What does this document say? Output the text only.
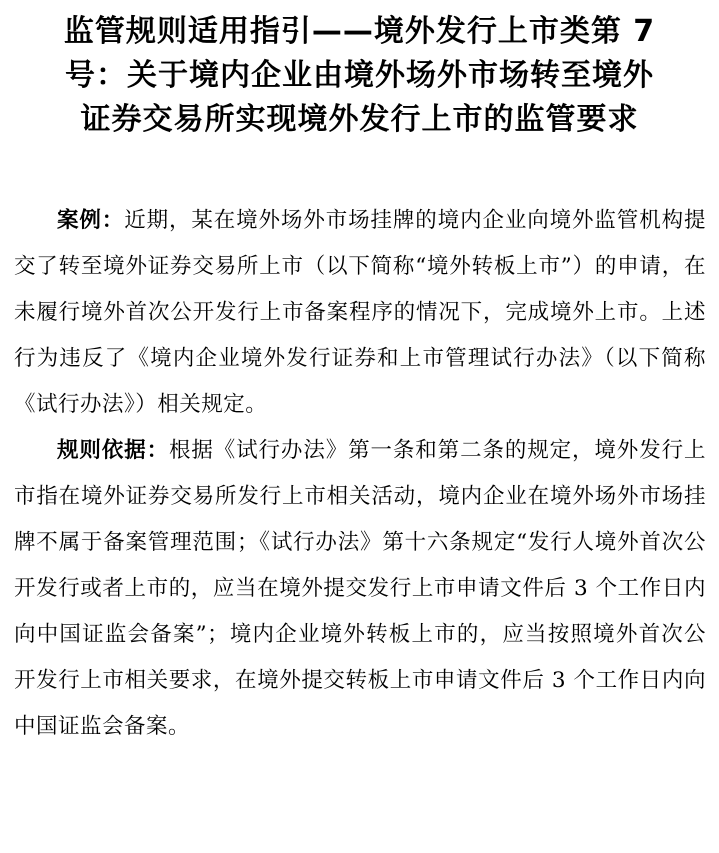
监管规则适用指引——境外发行上市类第 7
号：关于境内企业由境外场外市场转至境外
证券交易所实现境外发行上市的监管要求

案例：近期，某在境外场外市场挂牌的境内企业向境外监管机构提交了转至境外证券交易所上市（以下简称“境外转板上市”）的申请，在未履行境外首次公开发行上市备案程序的情况下，完成境外上市。上述行为违反了《境内企业境外发行证券和上市管理试行办法》（以下简称《试行办法》）相关规定。

规则依据：根据《试行办法》第一条和第二条的规定，境外发行上市指在境外证券交易所发行上市相关活动，境内企业在境外场外市场挂牌不属于备案管理范围；《试行办法》第十六条规定“发行人境外首次公开发行或者上市的，应当在境外提交发行上市申请文件后 3 个工作日内向中国证监会备案”；境内企业境外转板上市的，应当按照境外首次公开发行上市相关要求，在境外提交转板上市申请文件后 3 个工作日内向中国证监会备案。
